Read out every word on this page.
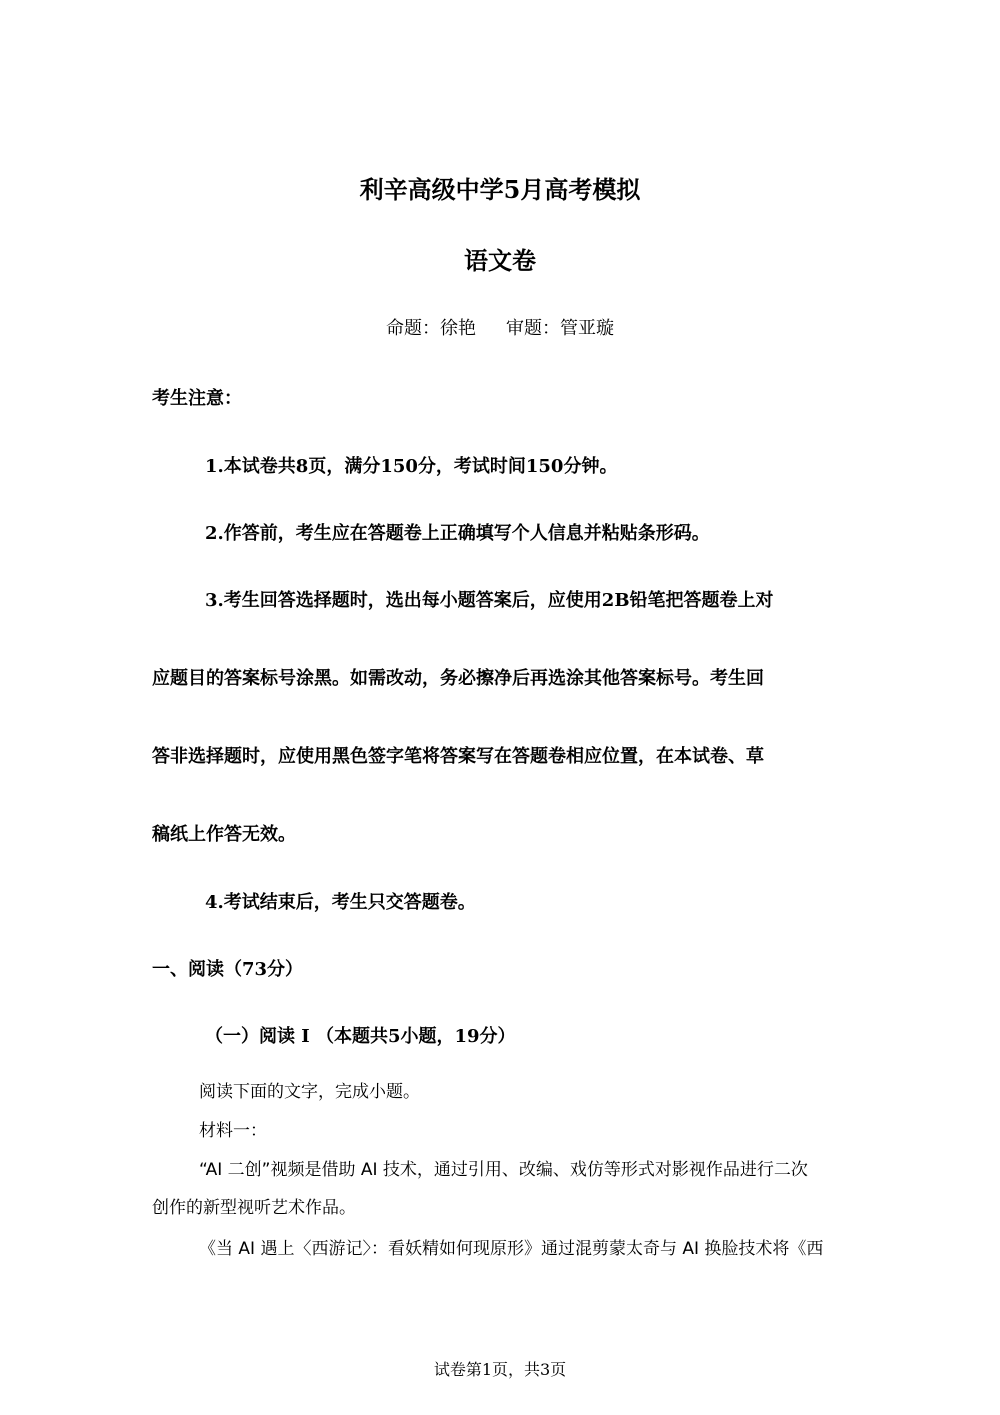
利辛高级中学5月高考模拟
语文卷
命题：徐艳 审题：管亚璇
考生注意：
1.本试卷共8页，满分150分，考试时间150分钟。
2.作答前，考生应在答题卷上正确填写个人信息并粘贴条形码。
3.考生回答选择题时，选出每小题答案后，应使用2B铅笔把答题卷上对
应题目的答案标号涂黑。如需改动，务必擦净后再选涂其他答案标号。考生回
答非选择题时，应使用黑色签字笔将答案写在答题卷相应位置，在本试卷、草
稿纸上作答无效。
4.考试结束后，考生只交答题卷。
一、阅读（73分）
（一）阅读 I （本题共5小题，19分）
阅读下面的文字，完成小题。
材料一：
“AI 二创”视频是借助 AI 技术，通过引用、改编、戏仿等形式对影视作品进行二次
创作的新型视听艺术作品。
《当 AI 遇上〈西游记〉：看妖精如何现原形》通过混剪蒙太奇与 AI 换脸技术将《西
试卷第1页，共3页
